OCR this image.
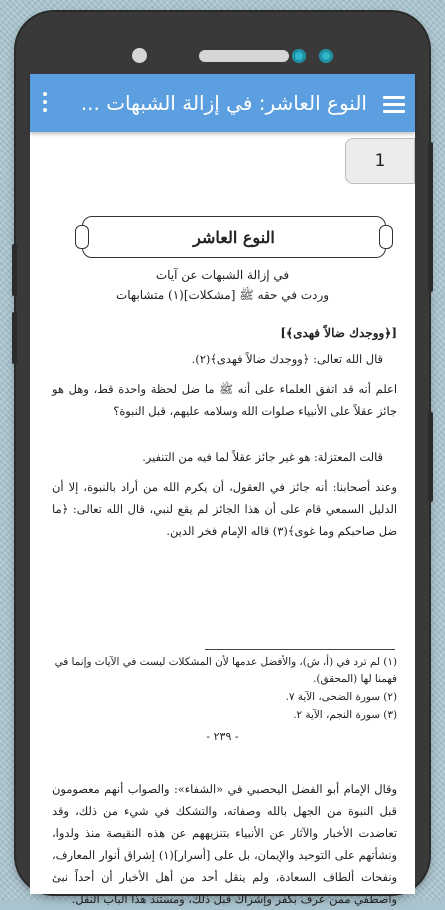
النوع العاشر: في إزالة الشبهات ...
1
النوع العاشر
في إزالة الشبهات عن آيات
وردت في حقه ﷺ [مشكلات](١) متشابهات
[﴿ووجدك ضالاً فهدى﴾]
قال الله تعالى: ﴿ووجدك ضالاً فهدى﴾(٢).
اعلم أنه قد اتفق العلماء على أنه ﷺ ما ضل لحظة واحدة قط، وهل هو جائز عقلاً على الأنبياء صلوات الله وسلامه عليهم، قبل النبوة؟
قالت المعتزلة: هو غير جائز عقلاً لما فيه من التنفير.
وعند أصحابنا: أنه جائز في العقول، أن يكرم الله من أراد بالنبوة، إلا أن الدليل السمعي قام على أن هذا الجائز لم يقع لنبي، قال الله تعالى: ﴿ما ضل صاحبكم وما غوى﴾(٣) قاله الإمام فخر الدين.
(١) لم ترد في (أ، ش)، والأفضل عدمها لأن المشكلات ليست في الآيات وإنما في فهمنا لها (المحقق).
(٢) سورة الضحى، الآية ٧.
(٣) سورة النجم، الآية ٢.
- ٢٣٩ -
وقال الإمام أبو الفضل اليحصبي في «الشفاء»: والصواب أنهم معصومون قبل النبوة من الجهل بالله وصفاته، والتشكك في شيء من ذلك، وقد تعاضدت الأخبار والآثار عن الأنبياء بتنزيههم عن هذه النقيصة منذ ولدوا، ونشأتهم على التوحيد والإيمان، بل على [أسرار](١) إشراق أنوار المعارف، ونفحات ألطاف السعادة، ولم ينقل أحد من أهل الأخبار أن أحداً نبئ واصطفي ممن عرف بكفر وإشراك قبل ذلك، ومستند هذا الباب النقل.
